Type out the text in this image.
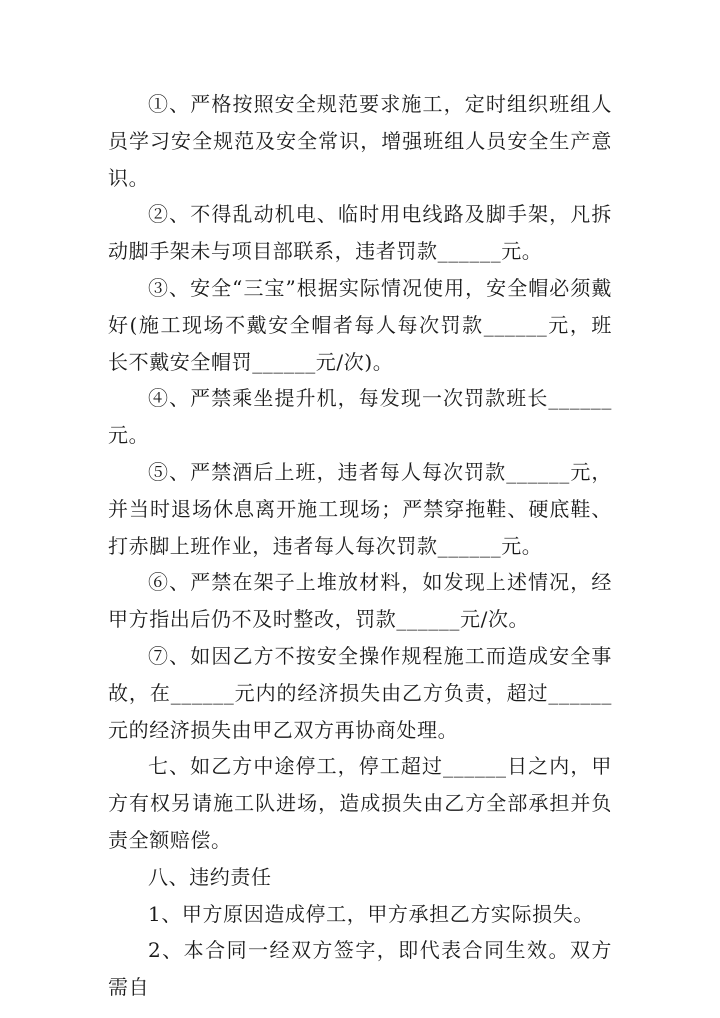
①、严格按照安全规范要求施工，定时组织班组人员学习安全规范及安全常识，增强班组人员安全生产意识。

②、不得乱动机电、临时用电线路及脚手架，凡拆动脚手架未与项目部联系，违者罚款______元。

③、安全“三宝”根据实际情况使用，安全帽必须戴好(施工现场不戴安全帽者每人每次罚款______元，班长不戴安全帽罚______元/次)。

④、严禁乘坐提升机，每发现一次罚款班长______元。

⑤、严禁酒后上班，违者每人每次罚款______元，并当时退场休息离开施工现场；严禁穿拖鞋、硬底鞋、打赤脚上班作业，违者每人每次罚款______元。

⑥、严禁在架子上堆放材料，如发现上述情况，经甲方指出后仍不及时整改，罚款______元/次。

⑦、如因乙方不按安全操作规程施工而造成安全事故，在______元内的经济损失由乙方负责，超过______元的经济损失由甲乙双方再协商处理。

七、如乙方中途停工，停工超过______日之内，甲方有权另请施工队进场，造成损失由乙方全部承担并负责全额赔偿。

八、违约责任

1、甲方原因造成停工，甲方承担乙方实际损失。

2、本合同一经双方签字，即代表合同生效。双方需自
